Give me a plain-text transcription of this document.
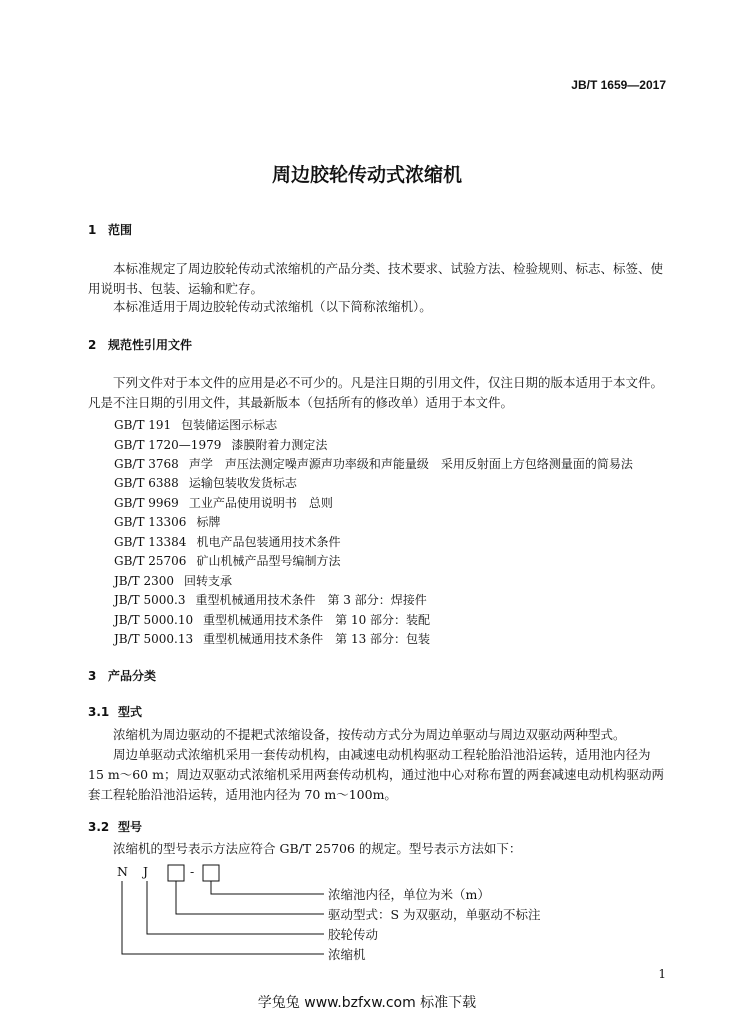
JB/T 1659—2017
周边胶轮传动式浓缩机
1 范围
本标准规定了周边胶轮传动式浓缩机的产品分类、技术要求、试验方法、检验规则、标志、标签、使用说明书、包装、运输和贮存。
本标准适用于周边胶轮传动式浓缩机（以下简称浓缩机）。
2 规范性引用文件
下列文件对于本文件的应用是必不可少的。凡是注日期的引用文件，仅注日期的版本适用于本文件。凡是不注日期的引用文件，其最新版本（包括所有的修改单）适用于本文件。
GB/T 191 包装储运图示标志
GB/T 1720—1979 漆膜附着力测定法
GB/T 3768 声学　声压法测定噪声源声功率级和声能量级　采用反射面上方包络测量面的简易法
GB/T 6388 运输包装收发货标志
GB/T 9969 工业产品使用说明书　总则
GB/T 13306 标牌
GB/T 13384 机电产品包装通用技术条件
GB/T 25706 矿山机械产品型号编制方法
JB/T 2300 回转支承
JB/T 5000.3 重型机械通用技术条件　第 3 部分：焊接件
JB/T 5000.10 重型机械通用技术条件　第 10 部分：装配
JB/T 5000.13 重型机械通用技术条件　第 13 部分：包装
3 产品分类
3.1 型式
浓缩机为周边驱动的不提耙式浓缩设备，按传动方式分为周边单驱动与周边双驱动两种型式。
周边单驱动式浓缩机采用一套传动机构，由减速电动机构驱动工程轮胎沿池沿运转，适用池内径为 15 m～60 m；周边双驱动式浓缩机采用两套传动机构，通过池中心对称布置的两套减速电动机构驱动两套工程轮胎沿池沿运转，适用池内径为 70 m～100m。
3.2 型号
浓缩机的型号表示方法应符合 GB/T 25706 的规定。型号表示方法如下：
N J	-
浓缩池内径，单位为米（m）
驱动型式：S 为双驱动，单驱动不标注
胶轮传动
浓缩机
1
学兔兔 www.bzfxw.com 标准下载
